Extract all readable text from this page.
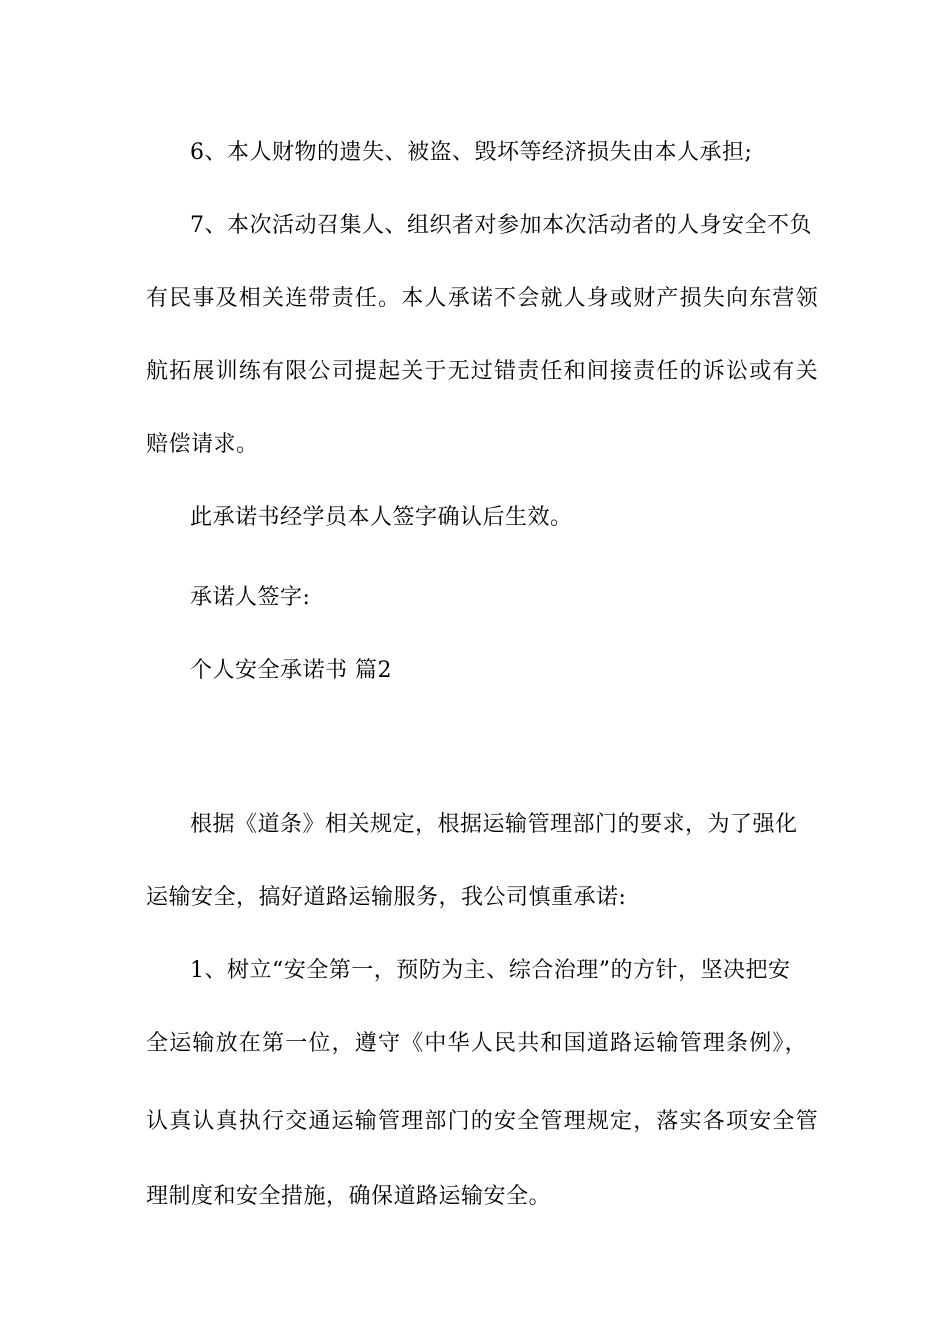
6、本人财物的遗失、被盗、毁坏等经济损失由本人承担;
7、本次活动召集人、组织者对参加本次活动者的人身安全不负
有民事及相关连带责任。本人承诺不会就人身或财产损失向东营领
航拓展训练有限公司提起关于无过错责任和间接责任的诉讼或有关
赔偿请求。
此承诺书经学员本人签字确认后生效。
承诺人签字:
个人安全承诺书 篇2
根据《道条》相关规定，根据运输管理部门的要求，为了强化
运输安全，搞好道路运输服务，我公司慎重承诺:
1、树立“安全第一，预防为主、综合治理”的方针，坚决把安
全运输放在第一位，遵守《中华人民共和国道路运输管理条例》，
认真认真执行交通运输管理部门的安全管理规定，落实各项安全管
理制度和安全措施，确保道路运输安全。
